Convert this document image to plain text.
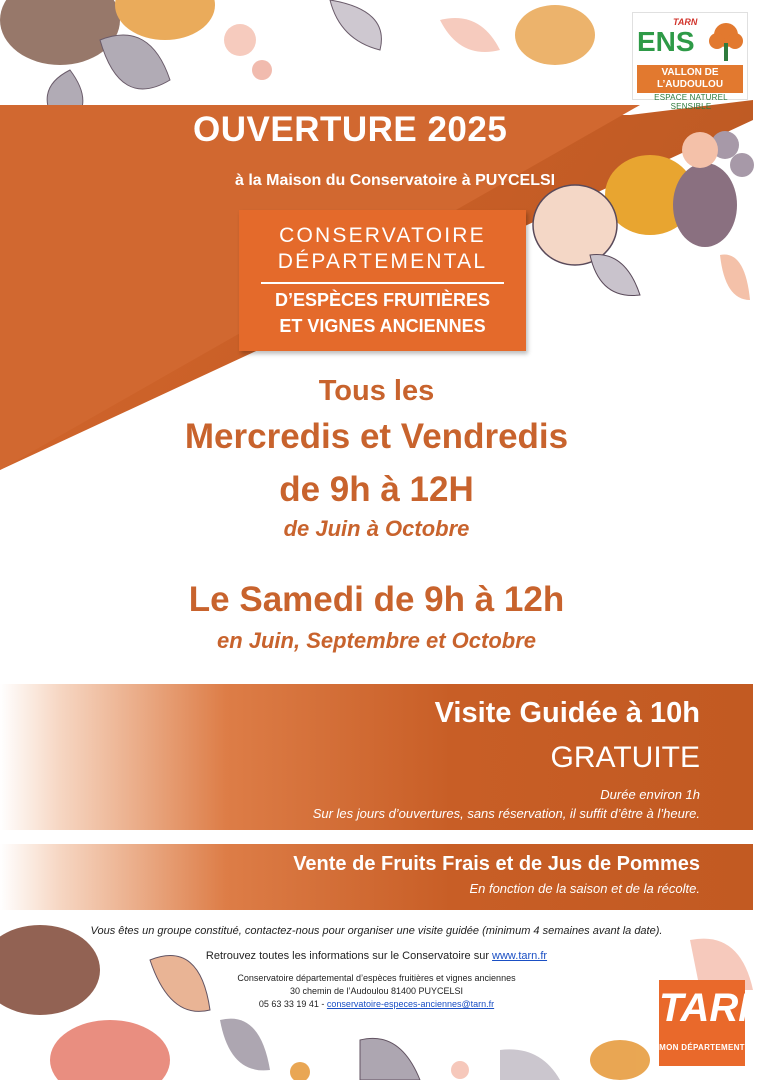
OUVERTURE 2025
à la Maison du Conservatoire à PUYCELSI
CONSERVATOIRE
DÉPARTEMENTAL
D’ESPÈCES FRUITIÈRES
ET VIGNES ANCIENNES
Tous les
Mercredis et Vendredis
de 9h à 12H
de Juin à Octobre
Le Samedi de 9h à 12h
en Juin, Septembre et Octobre
Visite Guidée à 10h
GRATUITE
Durée environ 1h
Sur les jours d’ouvertures, sans réservation, il suffit d’être à l’heure.
Vente de Fruits Frais et de Jus de Pommes
En fonction de la saison et de la récolte.
Vous êtes un groupe constitué, contactez-nous pour organiser une visite guidée (minimum 4 semaines avant la date).
Retrouvez toutes les informations sur le Conservatoire sur www.tarn.fr
Conservatoire départemental d’espèces fruitières et vignes anciennes
30 chemin de l’Audoulou 81400 PUYCELSI
05 63 33 19 41 - conservatoire-especes-anciennes@tarn.fr
TARN
ENS
VALLON DE L’AUDOULOU
ESPACE NATUREL SENSIBLE
TARN
MON DÉPARTEMENT
